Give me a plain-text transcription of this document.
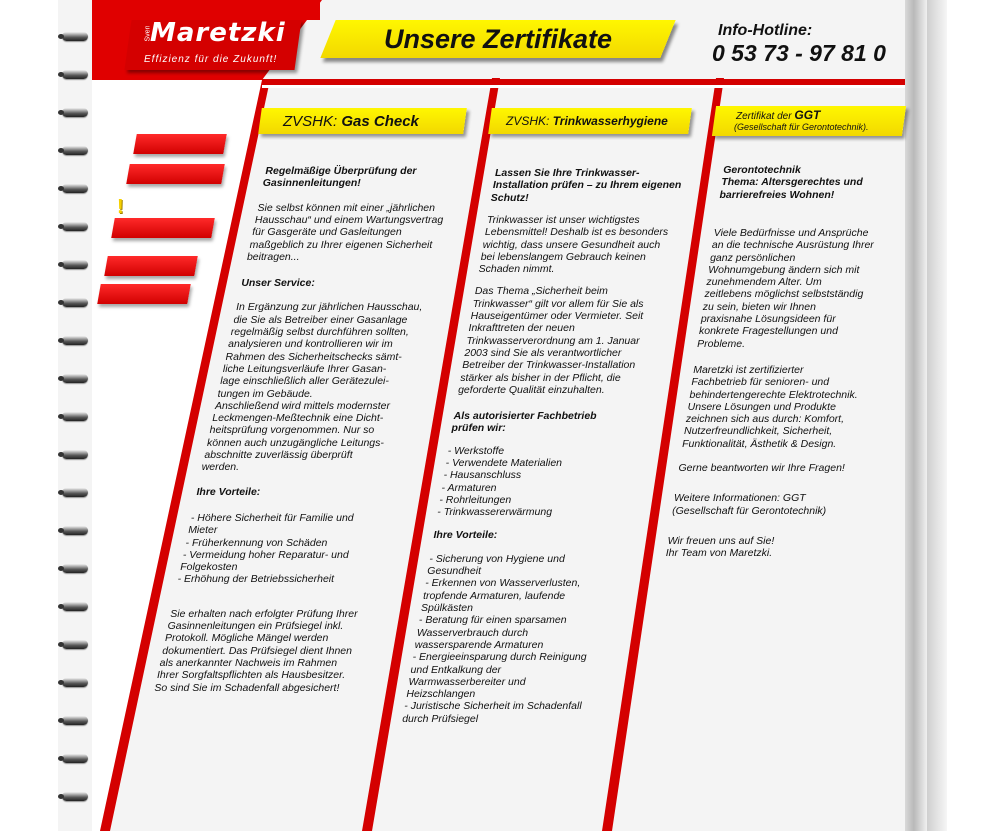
Sven
Maretzki
Effizienz für die Zukunft!
Unsere Zertifikate	Info-Hotline:
0 53 73 - 97 81 0
!
ZVSHK: Gas Check	ZVSHK: Trinkwasserhygiene	Zertifikat der GGT
(Gesellschaft für Gerontotechnik).

Regelmäßige Überprüfung der

Gasinnenleitungen!

Sie selbst können mit einer „jährlichen

Hausschau“ und einem Wartungsvertrag

für Gasgeräte und Gasleitungen

maßgeblich zu Ihrer eigenen Sicherheit

beitragen...

Unser Service:

In Ergänzung zur jährlichen Hausschau,

die Sie als Betreiber einer Gasanlage

regelmäßig selbst durchführen sollten,

analysieren und kontrollieren wir im

Rahmen des Sicherheitschecks sämt-

liche Leitungsverläufe Ihrer Gasan-

lage einschließlich aller Gerätezulei-

tungen im Gebäude.

Anschließend wird mittels modernster

Leckmengen-Meßtechnik eine Dicht-

heitsprüfung vorgenommen. Nur so

können auch unzugängliche Leitungs-

abschnitte zuverlässig überprüft

werden.

Ihre Vorteile:

- Höhere Sicherheit für Familie und

Mieter

- Früherkennung von Schäden

- Vermeidung hoher Reparatur- und

Folgekosten

- Erhöhung der Betriebssicherheit

Sie erhalten nach erfolgter Prüfung Ihrer

Gasinnenleitungen ein Prüfsiegel inkl.

Protokoll. Mögliche Mängel werden

dokumentiert. Das Prüfsiegel dient Ihnen

als anerkannter Nachweis im Rahmen

Ihrer Sorgfaltspflichten als Hausbesitzer.

So sind Sie im Schadenfall abgesichert!

Lassen Sie Ihre Trinkwasser-

Installation prüfen – zu Ihrem eigenen

Schutz!

Trinkwasser ist unser wichtigstes

Lebensmittel! Deshalb ist es besonders

wichtig, dass unsere Gesundheit auch

bei lebenslangem Gebrauch keinen

Schaden nimmt.

Das Thema „Sicherheit beim

Trinkwasser“ gilt vor allem für Sie als

Hauseigentümer oder Vermieter. Seit

Inkrafttreten der neuen

Trinkwasserverordnung am 1. Januar

2003 sind Sie als verantwortlicher

Betreiber der Trinkwasser-Installation

stärker als bisher in der Pflicht, die

geforderte Qualität einzuhalten.

Als autorisierter Fachbetrieb

prüfen wir:

- Werkstoffe

- Verwendete Materialien

- Hausanschluss

- Armaturen

- Rohrleitungen

- Trinkwassererwärmung

Ihre Vorteile:

- Sicherung von Hygiene und

Gesundheit

- Erkennen von Wasserverlusten,

tropfende Armaturen, laufende

Spülkästen

- Beratung für einen sparsamen

Wasserverbrauch durch

wassersparende Armaturen

- Energieeinsparung durch Reinigung

und Entkalkung der

Warmwasserbereiter und

Heizschlangen

- Juristische Sicherheit im Schadenfall

durch Prüfsiegel

Gerontotechnik

Thema: Altersgerechtes und

barrierefreies Wohnen!

Viele Bedürfnisse und Ansprüche

an die technische Ausrüstung Ihrer

ganz persönlichen

Wohnumgebung ändern sich mit

zunehmendem Alter. Um

zeitlebens möglichst selbstständig

zu sein, bieten wir Ihnen

praxisnahe Lösungsideen für

konkrete Fragestellungen und

Probleme.

Maretzki ist zertifizierter

Fachbetrieb für senioren- und

behindertengerechte Elektrotechnik.

Unsere Lösungen und Produkte

zeichnen sich aus durch: Komfort,

Nutzerfreundlichkeit, Sicherheit,

Funktionalität, Ästhetik & Design.

Gerne beantworten wir Ihre Fragen!

Weitere Informationen: GGT

(Gesellschaft für Gerontotechnik)

Wir freuen uns auf Sie!

Ihr Team von Maretzki.
